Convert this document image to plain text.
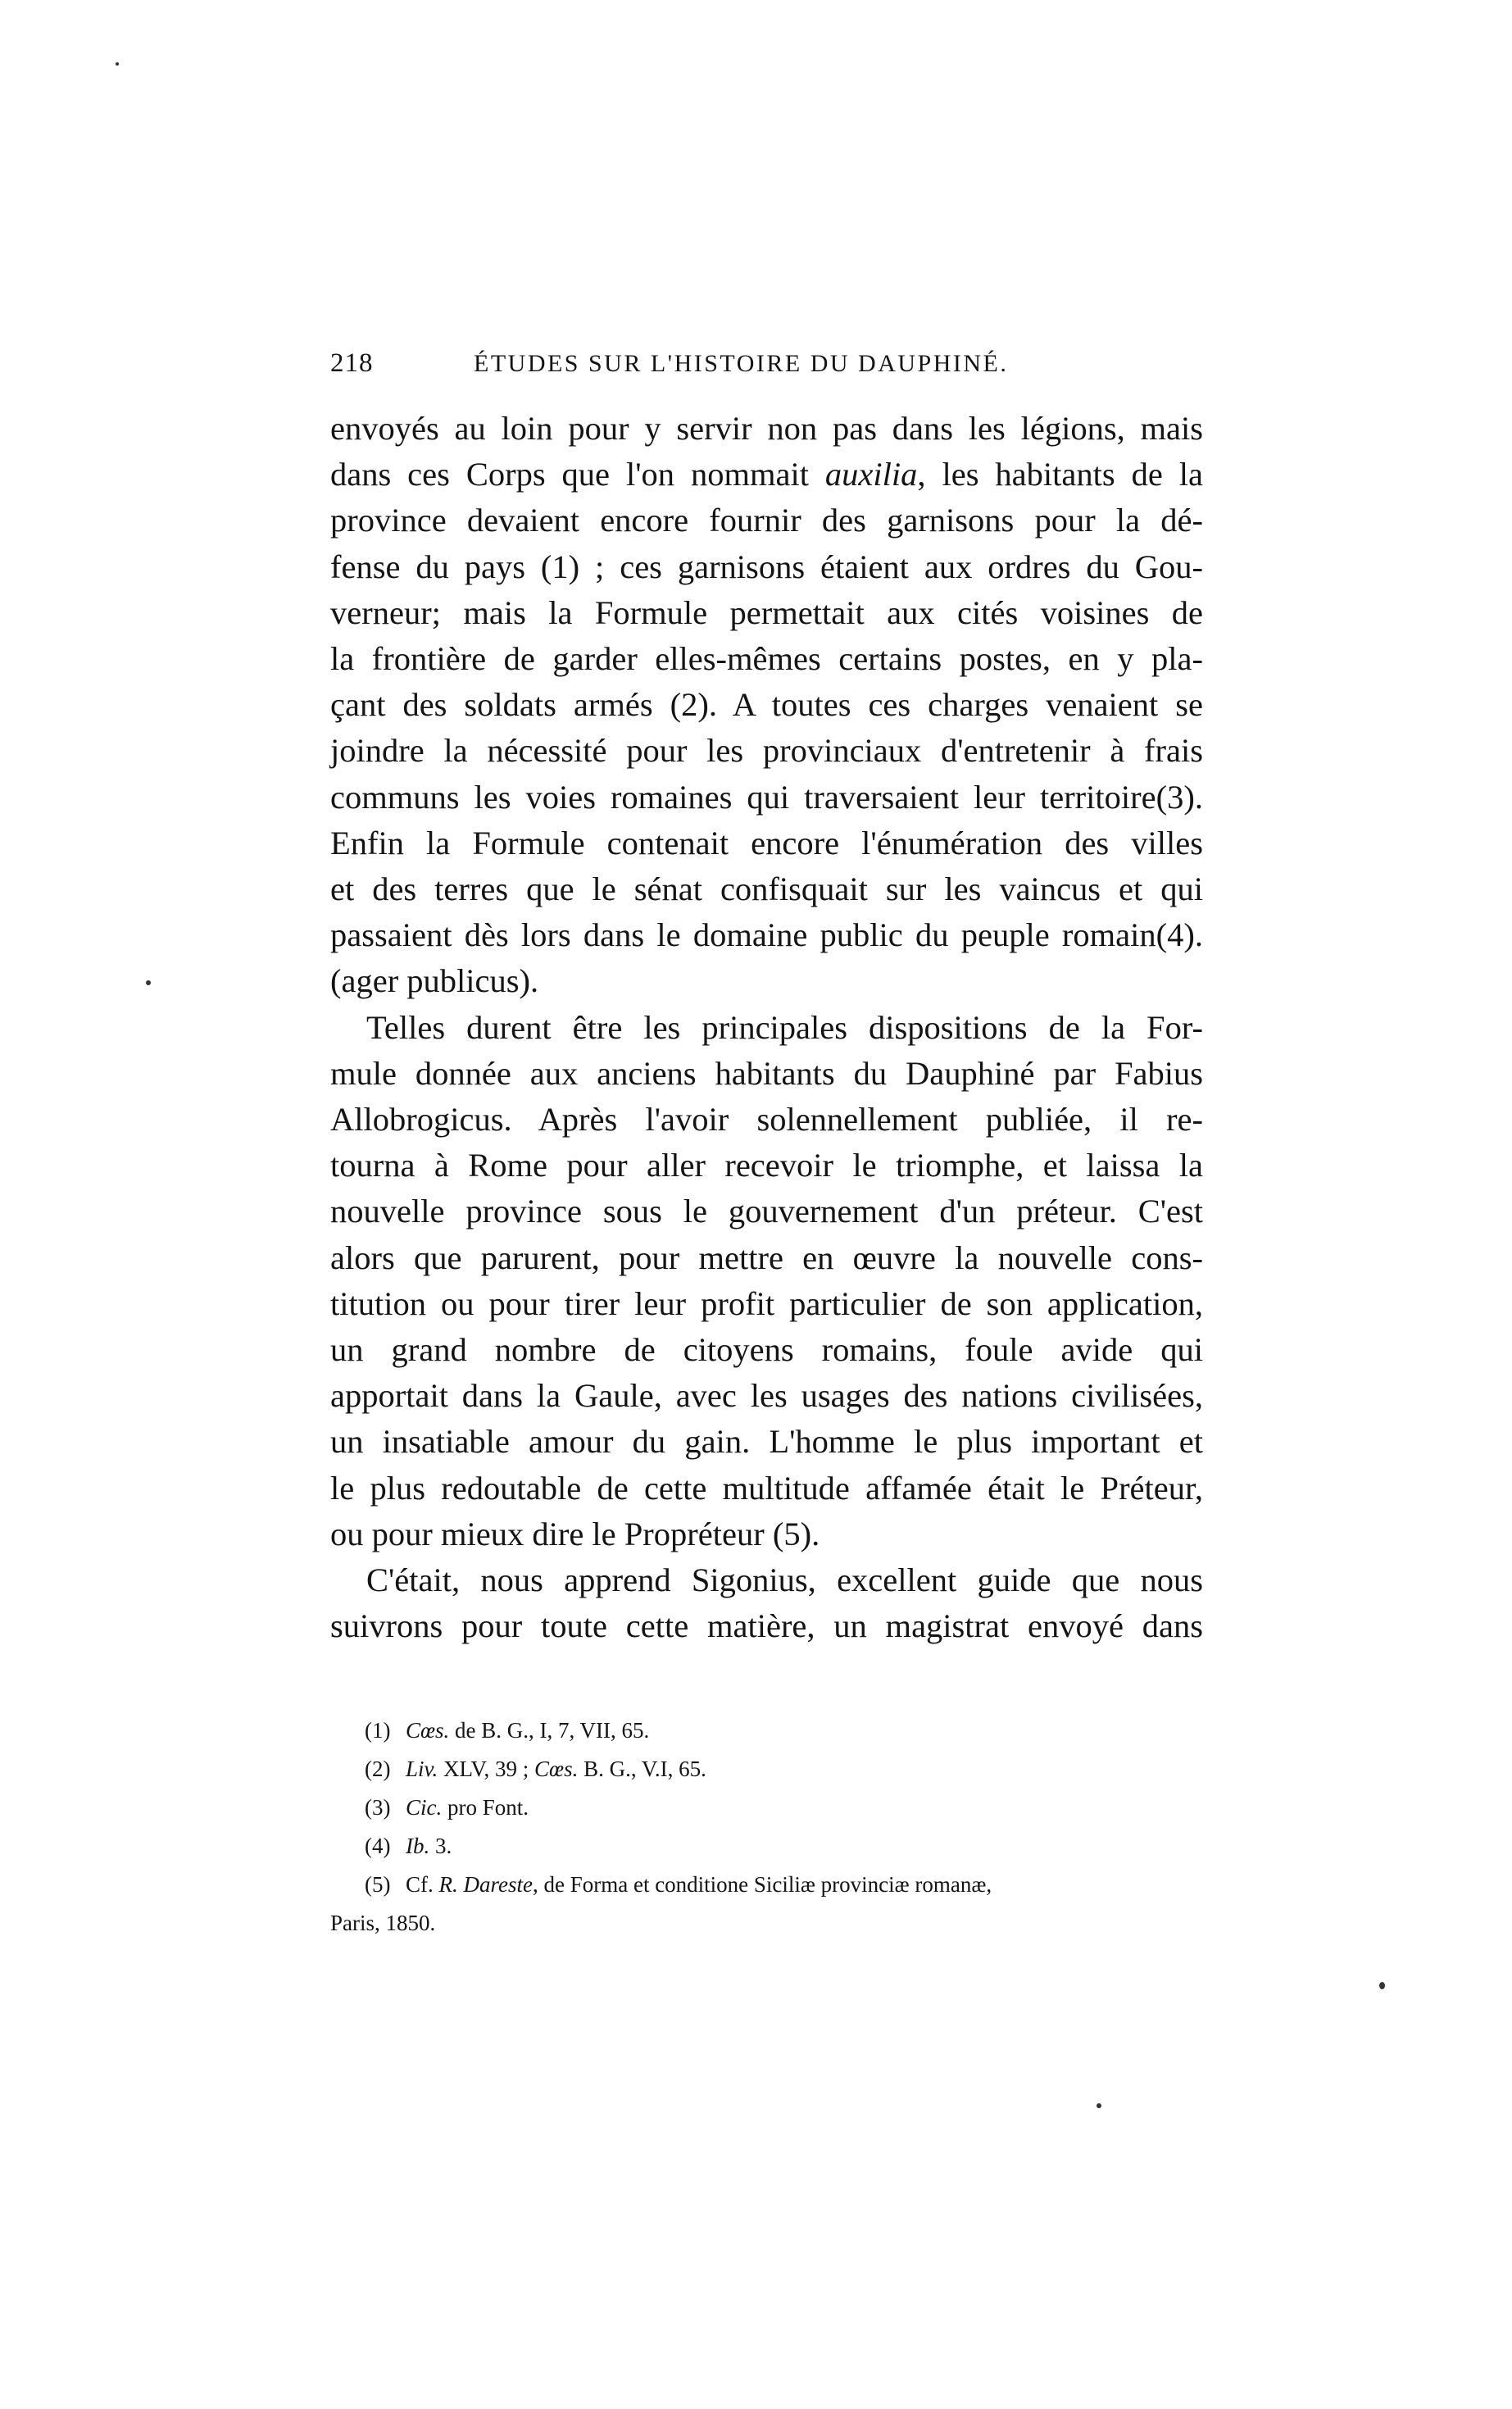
218	ÉTUDES SUR L'HISTOIRE DU DAUPHINÉ.
envoyés au loin pour y servir non pas dans les légions, mais
dans ces Corps que l'on nommait auxilia, les habitants de la
province devaient encore fournir des garnisons pour la dé-
fense du pays (1) ; ces garnisons étaient aux ordres du Gou-
verneur; mais la Formule permettait aux cités voisines de
la frontière de garder elles-mêmes certains postes, en y pla-
çant des soldats armés (2). A toutes ces charges venaient se
joindre la nécessité pour les provinciaux d'entretenir à frais
communs les voies romaines qui traversaient leur territoire(3).
Enfin la Formule contenait encore l'énumération des villes
et des terres que le sénat confisquait sur les vaincus et qui
passaient dès lors dans le domaine public du peuple romain(4).
(ager publicus).
Telles durent être les principales dispositions de la For-
mule donnée aux anciens habitants du Dauphiné par Fabius
Allobrogicus. Après l'avoir solennellement publiée, il re-
tourna à Rome pour aller recevoir le triomphe, et laissa la
nouvelle province sous le gouvernement d'un préteur. C'est
alors que parurent, pour mettre en œuvre la nouvelle cons-
titution ou pour tirer leur profit particulier de son application,
un grand nombre de citoyens romains, foule avide qui
apportait dans la Gaule, avec les usages des nations civilisées,
un insatiable amour du gain. L'homme le plus important et
le plus redoutable de cette multitude affamée était le Préteur,
ou pour mieux dire le Propréteur (5).
C'était, nous apprend Sigonius, excellent guide que nous
suivrons pour toute cette matière, un magistrat envoyé dans
(1) Cœs. de B. G., I, 7, VII, 65.
(2) Liv. XLV, 39 ; Cœs. B. G., V.I, 65.
(3) Cic. pro Font.
(4) Ib. 3.
(5) Cf. R. Dareste, de Forma et conditione Siciliæ provinciæ romanæ,
Paris, 1850.
